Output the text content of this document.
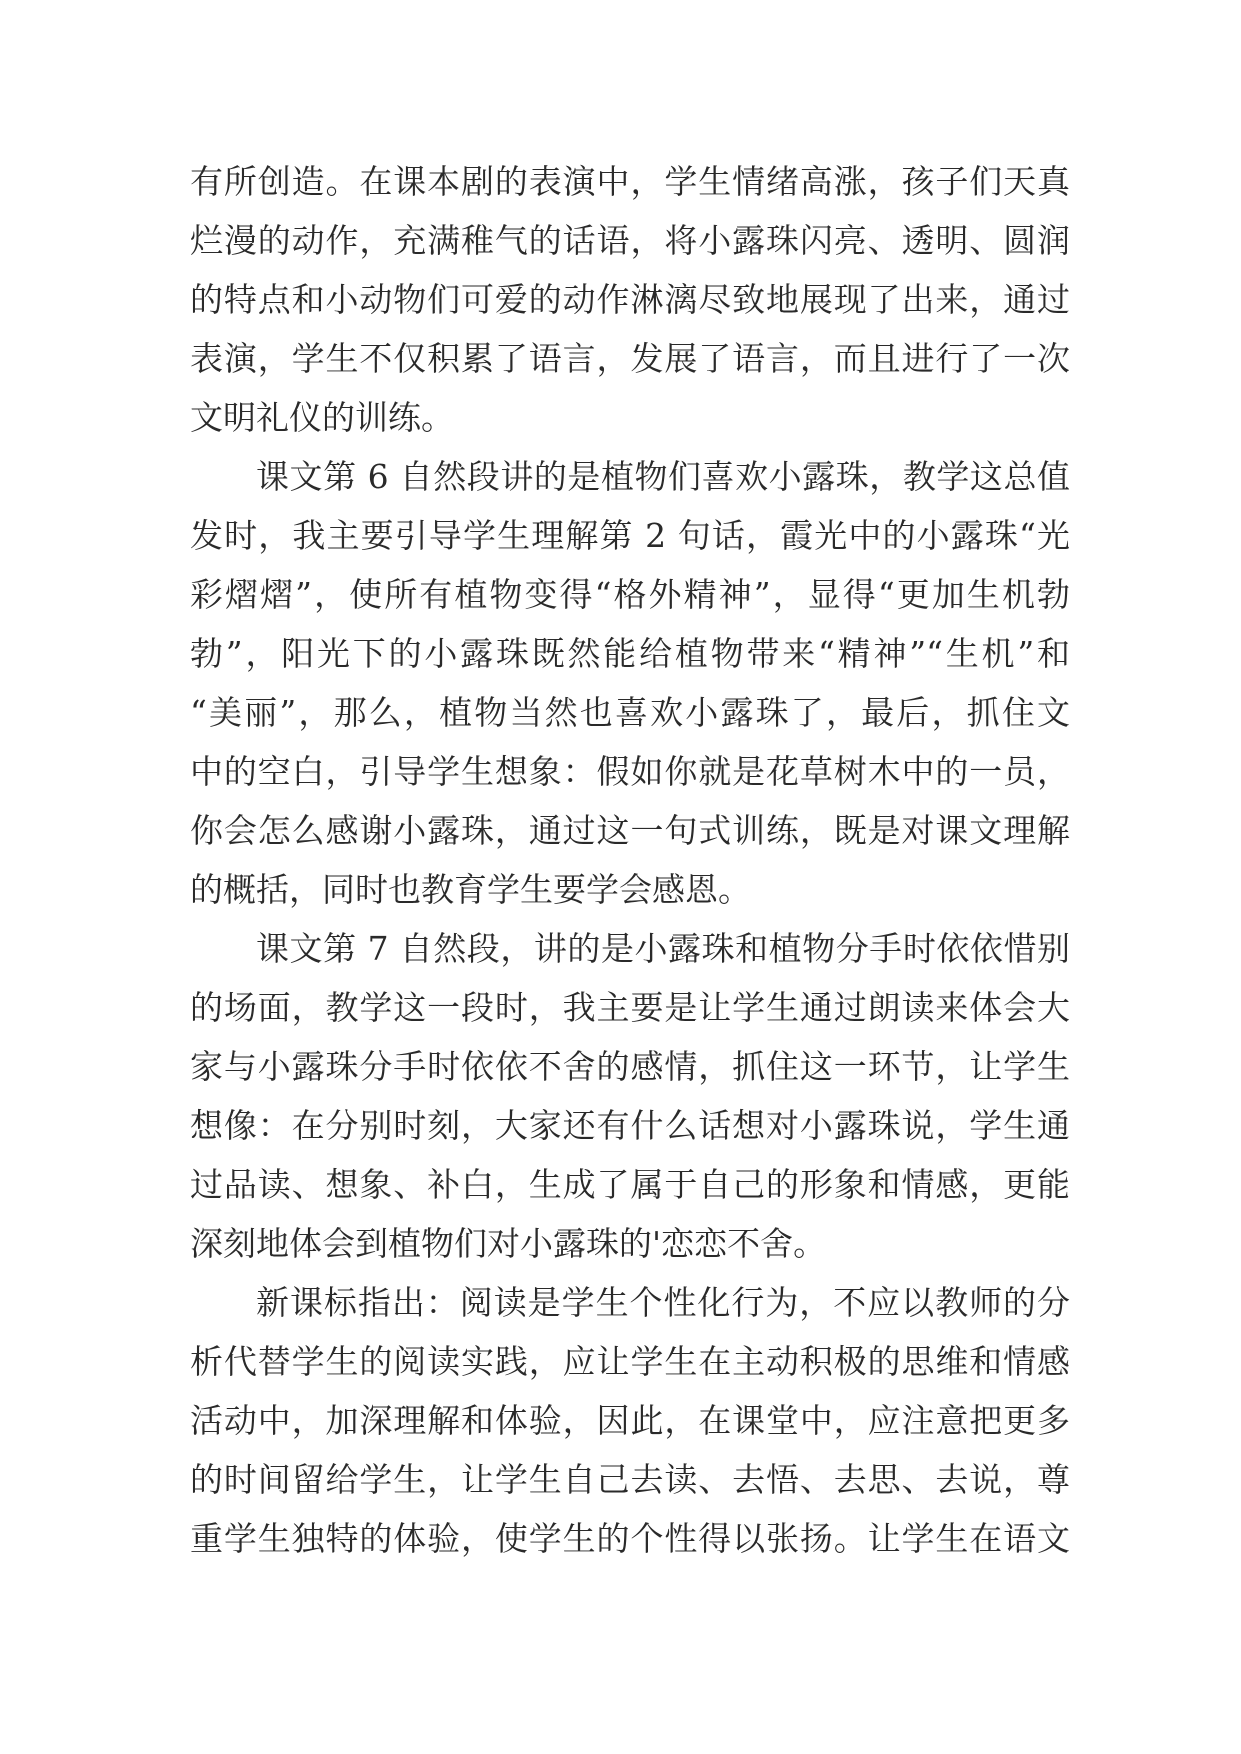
有所创造。在课本剧的表演中，学生情绪高涨，孩子们天真
烂漫的动作，充满稚气的话语，将小露珠闪亮、透明、圆润
的特点和小动物们可爱的动作淋漓尽致地展现了出来，通过
表演，学生不仅积累了语言，发展了语言，而且进行了一次
文明礼仪的训练。
课文第 6 自然段讲的是植物们喜欢小露珠，教学这总值
发时，我主要引导学生理解第 2 句话，霞光中的小露珠“光
彩熠熠”，使所有植物变得“格外精神”，显得“更加生机勃
勃”，阳光下的小露珠既然能给植物带来“精神”“生机”和
“美丽”，那么，植物当然也喜欢小露珠了，最后，抓住文
中的空白，引导学生想象：假如你就是花草树木中的一员，
你会怎么感谢小露珠，通过这一句式训练，既是对课文理解
的概括，同时也教育学生要学会感恩。
课文第 7 自然段，讲的是小露珠和植物分手时依依惜别
的场面，教学这一段时，我主要是让学生通过朗读来体会大
家与小露珠分手时依依不舍的感情，抓住这一环节，让学生
想像：在分别时刻，大家还有什么话想对小露珠说，学生通
过品读、想象、补白，生成了属于自己的形象和情感，更能
深刻地体会到植物们对小露珠的'恋恋不舍。
新课标指出：阅读是学生个性化行为，不应以教师的分
析代替学生的阅读实践，应让学生在主动积极的思维和情感
活动中，加深理解和体验，因此，在课堂中，应注意把更多
的时间留给学生，让学生自己去读、去悟、去思、去说，尊
重学生独特的体验，使学生的个性得以张扬。让学生在语文
